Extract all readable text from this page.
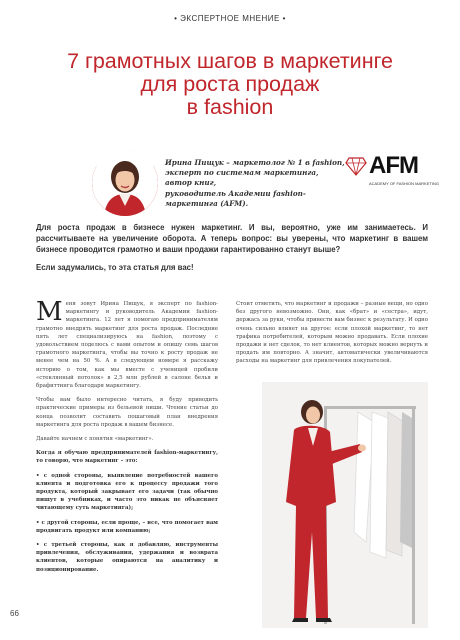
• ЭКСПЕРТНОЕ МНЕНИЕ •
7 грамотных шагов в маркетинге
для роста продаж
в fashion
Ирина Пищук – маркетолог № 1 в fashion,
эксперт по системам маркетинга, автор книг,
руководитель Академии fashion-маркетинга (AFM).
AFM
ACADEMY OF FASHION MARKETING

Для роста продаж в бизнесе нужен маркетинг. И вы, вероятно, уже им занимаетесь. И рассчитываете на увеличение оборота. А теперь вопрос: вы уверены, что маркетинг в вашем бизнесе проводится грамотно и ваши продажи гарантированно станут выше?

Если задумались, то эта статья для вас!

Меня зовут Ирина Пищук, я эксперт по fashion-маркетингу и руководитель Академии fashion-маркетинга. 12 лет я помогаю предпринимателям грамотно внедрять маркетинг для роста продаж. Последние пять лет специализируюсь на fashion, поэтому с удовольствием поделюсь с вами опытом и опишу семь шагов грамотного маркетинга, чтобы вы точно к росту продаж не менее чем на 50 %. А в следующем номере я расскажу историю о том, как мы вместе с ученицей пробили «стеклянный потолок» в 2,5 млн рублей в салоне белья и брафиттинга благодаря маркетингу.

Чтобы вам было интересно читать, я буду приводить практические примеры из бельевой ниши. Чтение статьи до конца позволит составить пошаговый план внедрения маркетинга для роста продаж в вашем бизнесе.

Давайте начнем с понятия «маркетинг».

Когда я обучаю предпринимателей fashion-маркетингу, то говорю, что маркетинг – это:

• с одной стороны, выявление потребностей вашего клиента и подготовка его к процессу продажи того продукта, который закрывает его задачи (так обычно пишут в учебниках, и часто это никак не объясняет читающему суть маркетинга);

• с другой стороны, если проще, – все, что помогает вам продвигать продукт или компанию;

• с третьей стороны, как я добавляю, инструменты привлечения, обслуживания, удержания и возврата клиентов, которые опираются на аналитику и позиционирование.

Стоит отметить, что маркетинг и продажи – разные вещи, но одно без другого невозможно. Они, как «брат» и «сестра», идут, держась за руки, чтобы привести вам бизнес к результату. И одно очень сильно влияет на другое: если плохой маркетинг, то нет трафика потребителей, которым можно продавать. Если плохие продажи и нет сделок, то нет клиентов, которых можно вернуть и продать им повторно. А значит, автоматически увеличиваются расходы на маркетинг для привлечения покупателей.

66
